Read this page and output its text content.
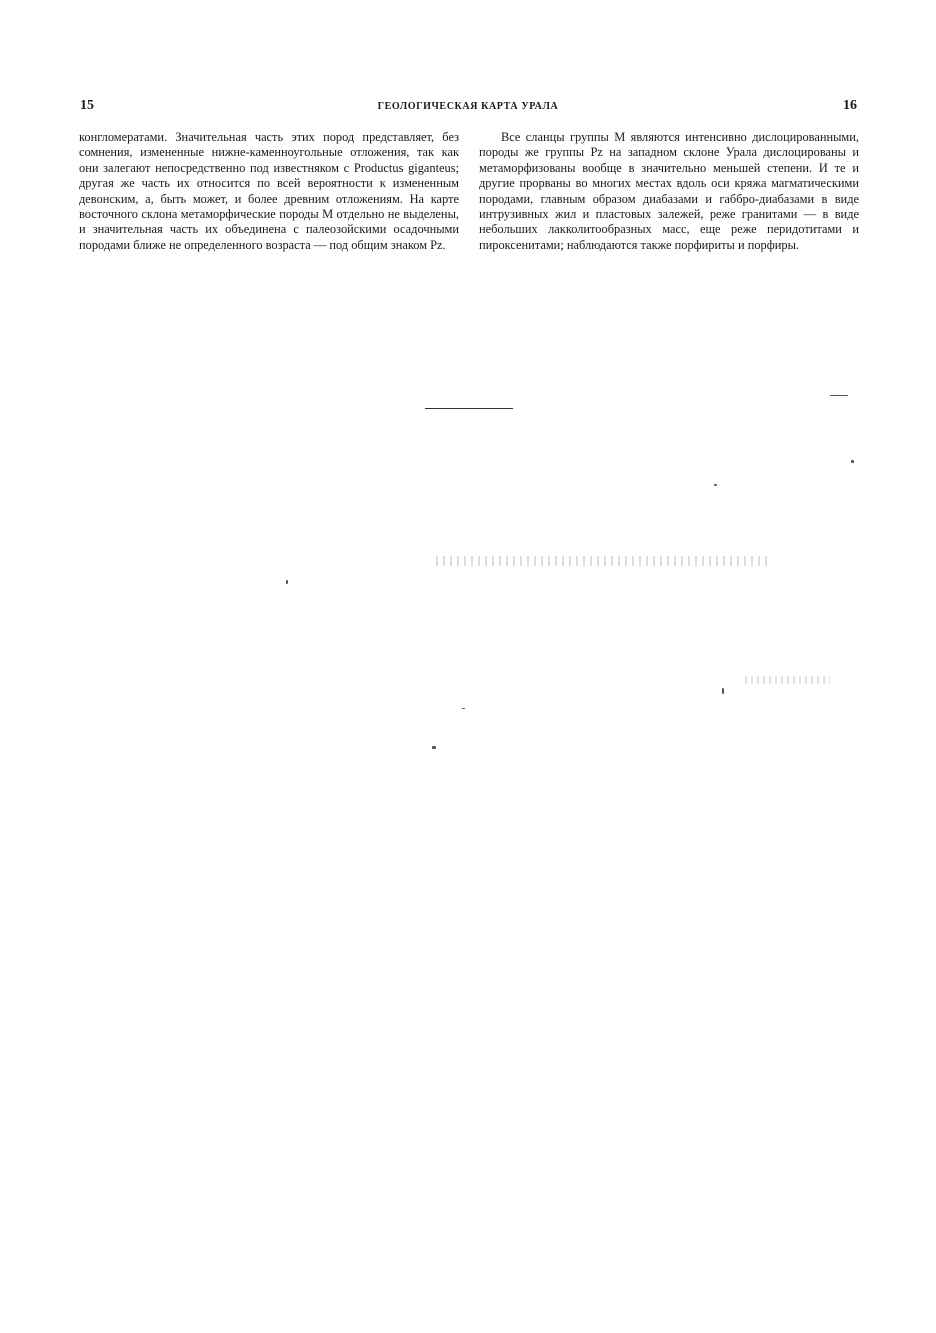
15	ГЕОЛОГИЧЕСКАЯ КАРТА УРАЛА	16

конгломератами. Значительная часть этих пород представляет, без сомнения, измененные нижне-каменноугольные отложения, так как они залегают непосредственно под известняком с Productus giganteus; другая же часть их относится по всей вероятности к измененным девонским, а, быть может, и более древним отложениям. На карте восточного склона метаморфические породы M отдельно не выделены, и значительная часть их объединена с палеозойскими осадочными породами ближе не определенного возраста — под общим знаком Pz.

Все сланцы группы M являются интенсивно дислоцированными, породы же группы Pz на западном склоне Урала дислоцированы и метаморфизованы вообще в значительно меньшей степени. И те и другие прорваны во многих местах вдоль оси кряжа магматическими породами, главным образом диабазами и габбро-диабазами в виде интрузивных жил и пластовых залежей, реже гранитами — в виде небольших лакколитообразных масс, еще реже перидотитами и пироксенитами; наблюдаются также порфириты и порфиры.
